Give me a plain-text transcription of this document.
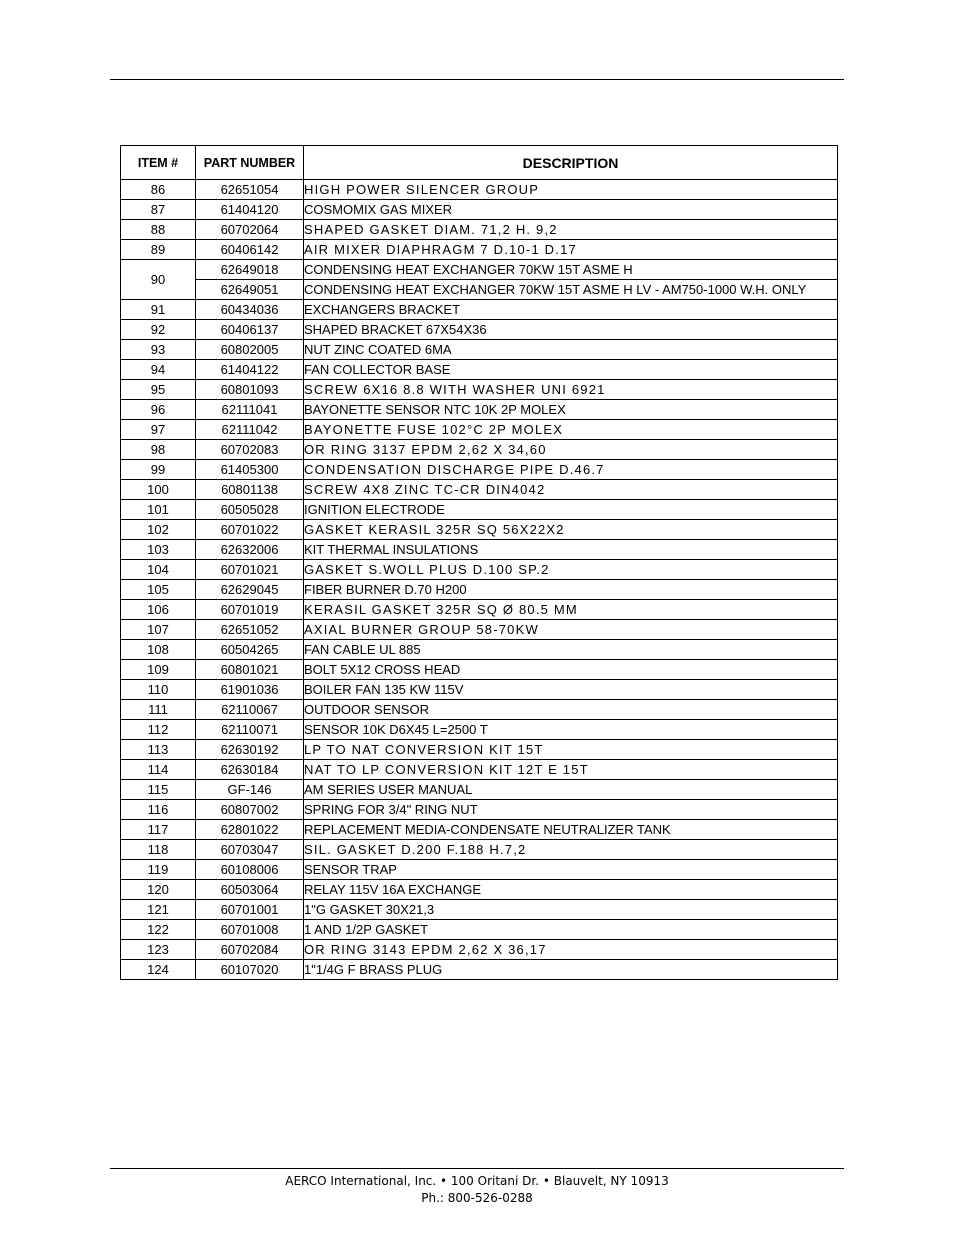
ITEM #	PART NUMBER	DESCRIPTION
86	62651054	HIGH POWER SILENCER GROUP
87	61404120	COSMOMIX GAS MIXER
88	60702064	SHAPED GASKET DIAM. 71,2 H. 9,2
89	60406142	AIR MIXER DIAPHRAGM 7 D.10-1 D.17
90	62649018	CONDENSING HEAT EXCHANGER 70KW 15T ASME H
	62649051	CONDENSING HEAT EXCHANGER 70KW 15T ASME H LV - AM750-1000 W.H. ONLY
91	60434036	EXCHANGERS BRACKET
92	60406137	SHAPED BRACKET 67X54X36
93	60802005	NUT ZINC COATED 6MA
94	61404122	FAN COLLECTOR BASE
95	60801093	SCREW 6X16 8.8 WITH WASHER UNI 6921
96	62111041	BAYONETTE SENSOR NTC 10K 2P MOLEX
97	62111042	BAYONETTE FUSE 102°C 2P MOLEX
98	60702083	OR RING 3137 EPDM 2,62 X 34,60
99	61405300	CONDENSATION DISCHARGE PIPE D.46.7
100	60801138	SCREW 4X8 ZINC TC-CR DIN4042
101	60505028	IGNITION ELECTRODE
102	60701022	GASKET KERASIL 325R SQ 56X22X2
103	62632006	KIT THERMAL INSULATIONS
104	60701021	GASKET S.WOLL PLUS D.100 SP.2
105	62629045	FIBER BURNER D.70 H200
106	60701019	KERASIL GASKET 325R SQ Ø 80.5 MM
107	62651052	AXIAL BURNER GROUP 58-70KW
108	60504265	FAN CABLE UL 885
109	60801021	BOLT 5X12 CROSS HEAD
110	61901036	BOILER FAN 135 KW 115V
111	62110067	OUTDOOR SENSOR
112	62110071	SENSOR 10K D6X45 L=2500 T
113	62630192	LP TO NAT CONVERSION KIT 15T
114	62630184	NAT TO LP CONVERSION KIT 12T E 15T
115	GF-146	AM SERIES USER MANUAL
116	60807002	SPRING FOR 3/4" RING NUT
117	62801022	REPLACEMENT MEDIA-CONDENSATE NEUTRALIZER TANK
118	60703047	SIL. GASKET D.200 F.188 H.7,2
119	60108006	SENSOR TRAP
120	60503064	RELAY 115V 16A EXCHANGE
121	60701001	1"G GASKET 30X21,3
122	60701008	1 AND 1/2P GASKET
123	60702084	OR RING 3143 EPDM 2,62 X 36,17
124	60107020	1"1/4G F BRASS PLUG
AERCO International, Inc. • 100 Oritani Dr. • Blauvelt, NY 10913
Ph.: 800-526-0288
